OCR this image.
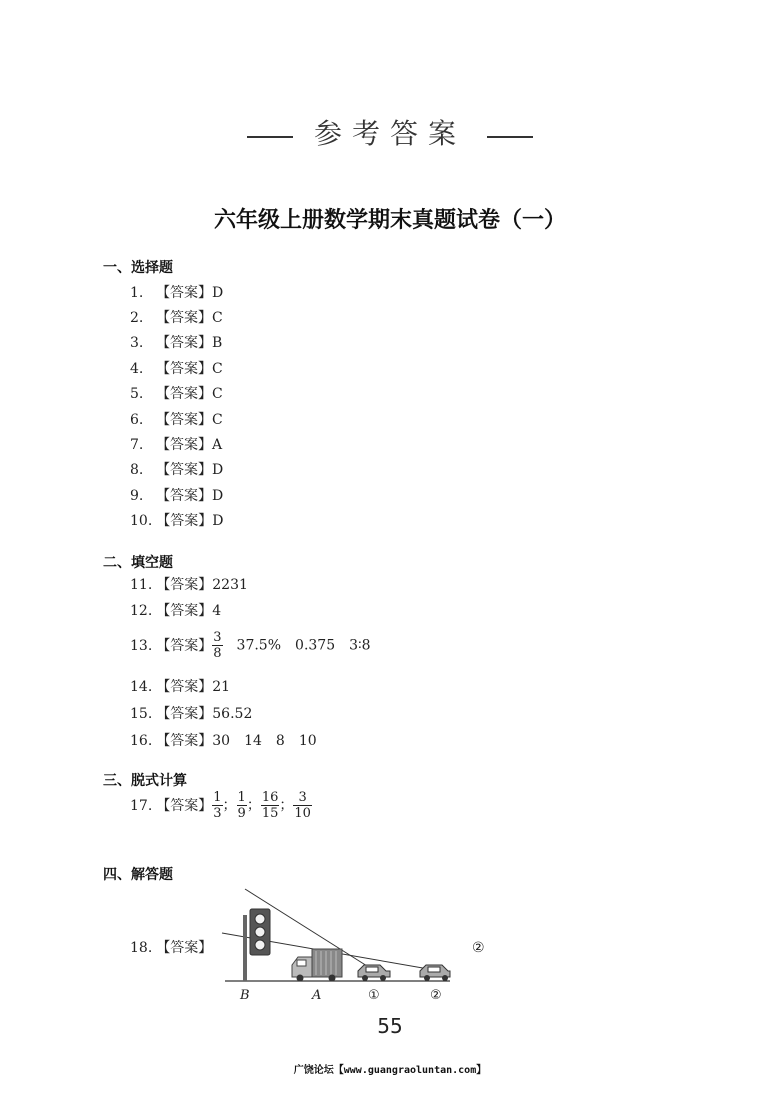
参考答案
六年级上册数学期末真题试卷（一）
一、选择题
1. 【答案】D
2. 【答案】C
3. 【答案】B
4. 【答案】C
5. 【答案】C
6. 【答案】C
7. 【答案】A
8. 【答案】D
9. 【答案】D
10. 【答案】D
二、填空题
11. 【答案】2231
12. 【答案】4
13. 【答案】 $\frac{3}{8} 37.5\%$ 0.375 3∶8
14. 【答案】21
15. 【答案】56.52
16. 【答案】30 14 8 10
三、脱式计算
17. 【答案】 $\frac{1}{3}$ ； $\frac{1}{9}$ ； $\frac{16}{15}$ ； $\frac{3}{10}$
四、解答题
18. 【答案】
B	A	①	②
②
55
广饶论坛【www.guangraoluntan.com】
